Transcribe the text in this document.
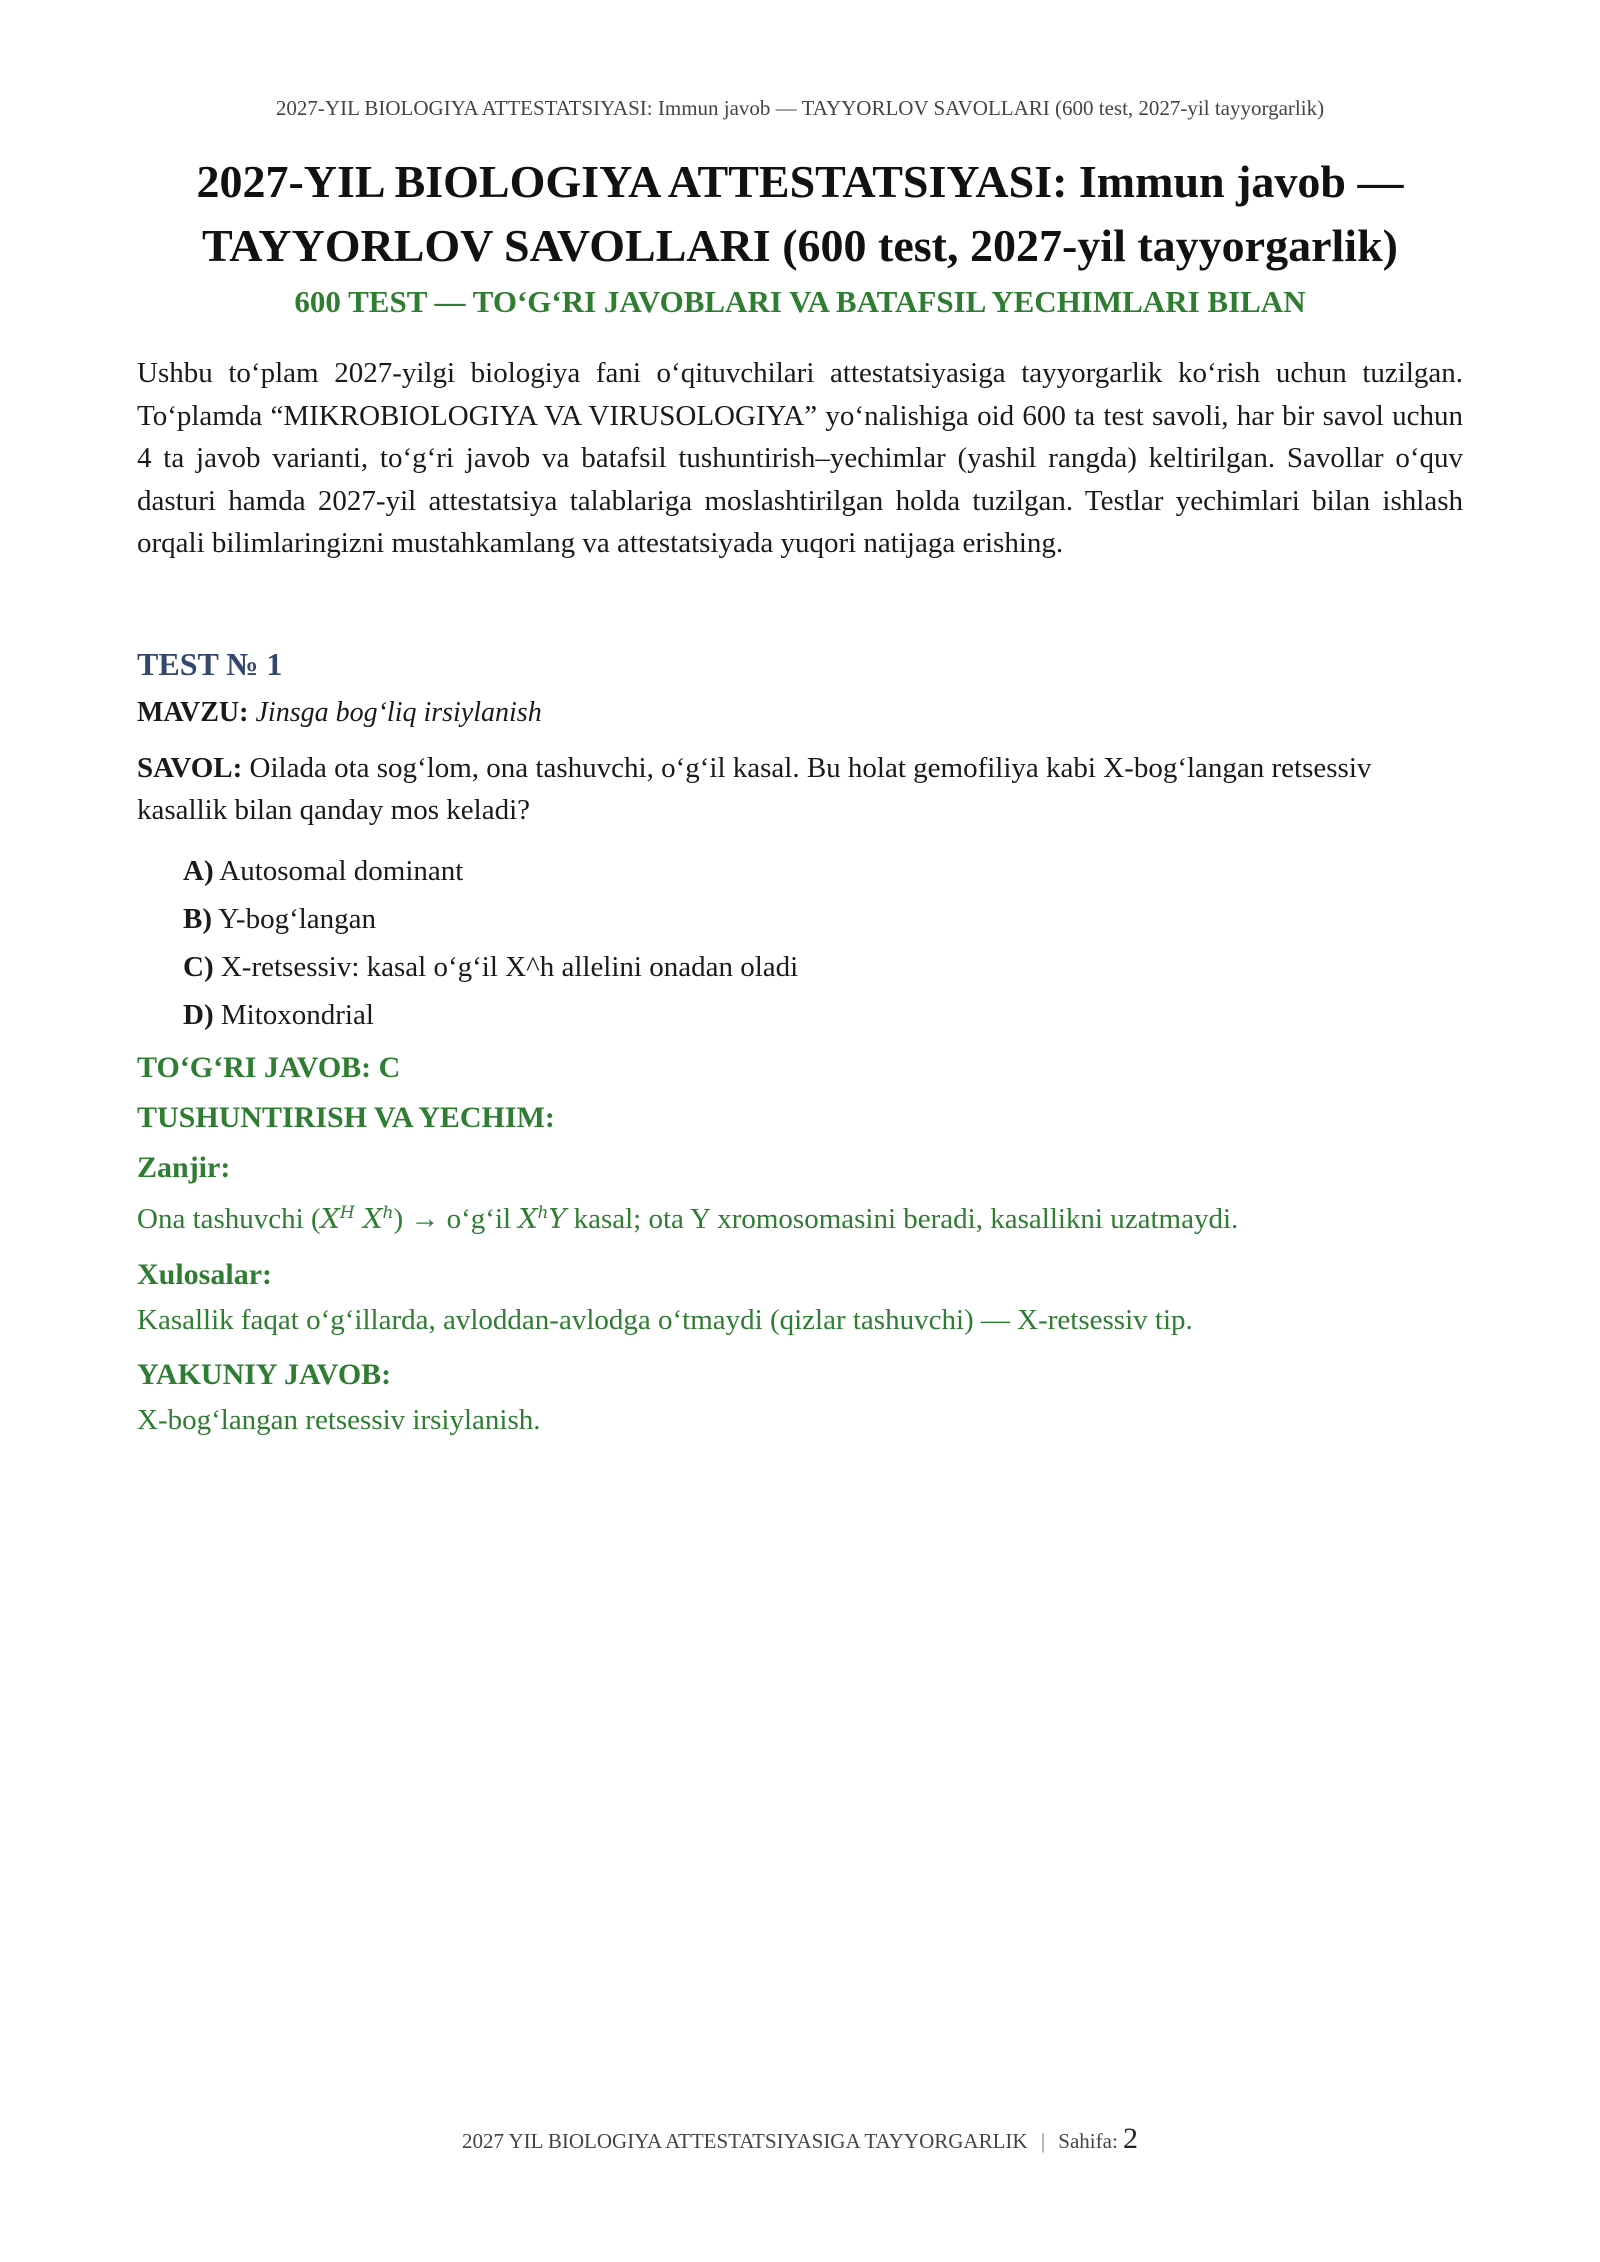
2027-YIL BIOLOGIYA ATTESTATSIYASI: Immun javob — TAYYORLOV SAVOLLARI (600 test, 2027-yil tayyorgarlik)
2027-YIL BIOLOGIYA ATTESTATSIYASI: Immun javob —
TAYYORLOV SAVOLLARI (600 test, 2027-yil tayyorgarlik)
600 TEST — TO‘G‘RI JAVOBLARI VA BATAFSIL YECHIMLARI BILAN

Ushbu to‘plam 2027-yilgi biologiya fani o‘qituvchilari attestatsiyasiga tayyorgarlik ko‘rish uchun tuzilgan. To‘plamda “MIKROBIOLOGIYA VA VIRUSOLOGIYA” yo‘nalishiga oid 600 ta test savoli, har bir savol uchun 4 ta javob varianti, to‘g‘ri javob va batafsil tushuntirish–yechimlar (yashil rangda) keltirilgan. Savollar o‘quv dasturi hamda 2027-yil attestatsiya talablariga moslashtirilgan holda tuzilgan. Testlar yechimlari bilan ishlash orqali bilimlaringizni mustahkamlang va attestatsiyada yuqori natijaga erishing.

TEST № 1

MAVZU: Jinsga bog‘liq irsiylanish

SAVOL: Oilada ota sog‘lom, ona tashuvchi, o‘g‘il kasal. Bu holat gemofiliya kabi X-bog‘langan retsessiv kasallik bilan qanday mos keladi?

A) Autosomal dominant
B) Y-bog‘langan
C) X-retsessiv: kasal o‘g‘il X^h allelini onadan oladi
D) Mitoxondrial
TO‘G‘RI JAVOB: C
TUSHUNTIRISH VA YECHIM:
Zanjir:

Ona tashuvchi ($X^H$ $X^h$) → o‘g‘il $X^hY$ kasal; ota Y xromosomasini beradi, kasallikni uzatmaydi.

Xulosalar:

Kasallik faqat o‘g‘illarda, avloddan-avlodga o‘tmaydi (qizlar tashuvchi) — X-retsessiv tip.

YAKUNIY JAVOB:

X-bog‘langan retsessiv irsiylanish.

2027 YIL BIOLOGIYA ATTESTATSIYASIGA TAYYORGARLIK | Sahifa: 2
